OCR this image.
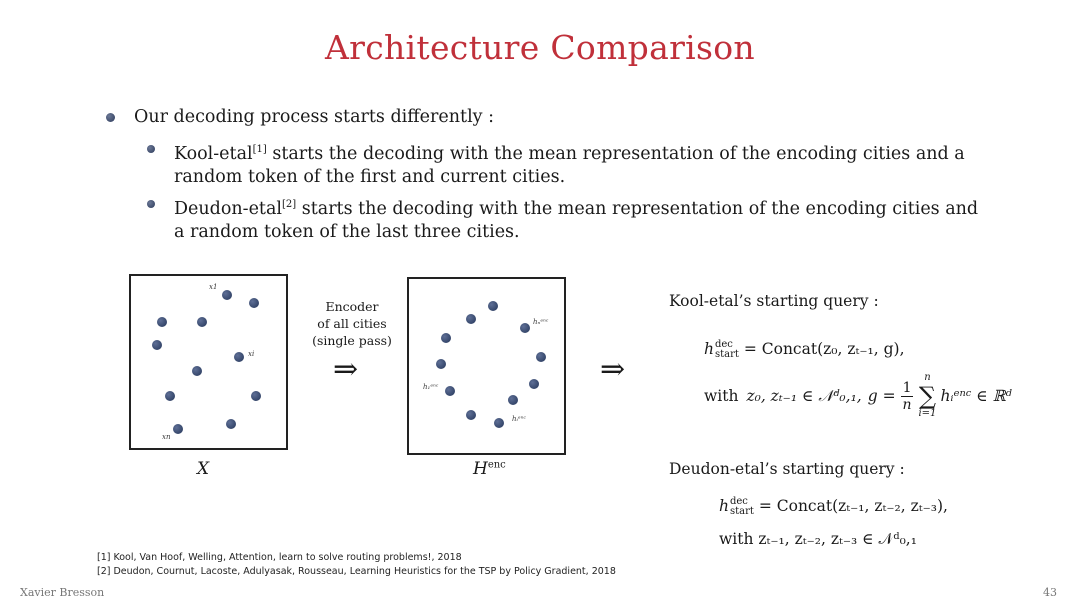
Architecture Comparison
Our decoding process starts differently :
Kool-etal[1] starts the decoding with the mean representation of the encoding cities and a
random token of the first and current cities.
Deudon-etal[2] starts the decoding with the mean representation of the encoding cities and
a random token of the last three cities.
x1
xi
xn
X
Encoder
of all cities
(single pass)
⇒
hₙᵉⁿᶜ
h₁ᵉⁿᶜ
hᵢᵉⁿᶜ
$H^{enc}$
⇒
Kool-etal’s starting query :
h dec
start = Concat(z₀, zₜ₋₁, g),
with z₀, zₜ₋₁ ∈ 𝒩ᵈ₀,₁, $g = \frac{1}{n}$
n
∑
i=1
hᵢᵉⁿᶜ ∈ ℝᵈ
Deudon-etal’s starting query :
h dec
start = Concat(zₜ₋₁, zₜ₋₂, zₜ₋₃),
with zₜ₋₁, zₜ₋₂, zₜ₋₃ ∈ 𝒩ᵈ₀,₁
[1] Kool, Van Hoof, Welling, Attention, learn to solve routing problems!, 2018
[2] Deudon, Cournut, Lacoste, Adulyasak, Rousseau, Learning Heuristics for the TSP by Policy Gradient, 2018
Xavier Bresson	43
